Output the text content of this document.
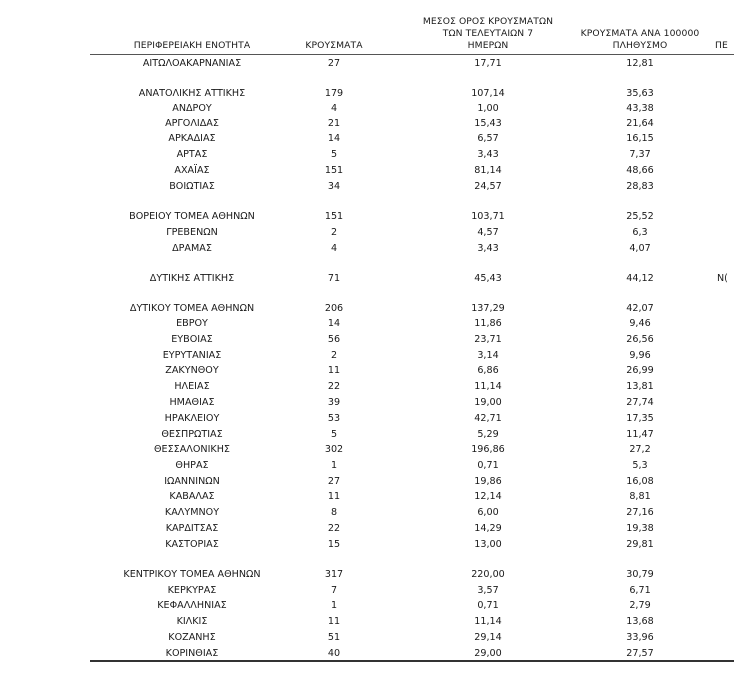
ΠΕΡΙΦΕΡΕΙΑΚΗ ΕΝΟΤΗΤΑ	ΚΡΟΥΣΜΑΤΑ
ΜΕΣΟΣ ΟΡΟΣ ΚΡΟΥΣΜΑΤΩΝ
ΤΩΝ ΤΕΛΕΥΤΑΙΩΝ 7
ΗΜΕΡΩΝ
ΚΡΟΥΣΜΑΤΑ ΑΝΑ 100000
ΠΛΗΘΥΣΜΟ	ΠΕ
ΑΙΤΩΛΟΑΚΑΡΝΑΝΙΑΣ	27	17,71	12,81
ΑΝΑΤΟΛΙΚΗΣ ΑΤΤΙΚΗΣ	179	107,14	35,63
ΑΝΔΡΟΥ	4	1,00	43,38
ΑΡΓΟΛΙΔΑΣ	21	15,43	21,64
ΑΡΚΑΔΙΑΣ	14	6,57	16,15
ΑΡΤΑΣ	5	3,43	7,37
ΑΧΑΪΑΣ	151	81,14	48,66
ΒΟΙΩΤΙΑΣ	34	24,57	28,83
ΒΟΡΕΙΟΥ ΤΟΜΕΑ ΑΘΗΝΩΝ	151	103,71	25,52
ΓΡΕΒΕΝΩΝ	2	4,57	6,3
ΔΡΑΜΑΣ	4	3,43	4,07
ΔΥΤΙΚΗΣ ΑΤΤΙΚΗΣ	71	45,43	44,12	Ν(
ΔΥΤΙΚΟΥ ΤΟΜΕΑ ΑΘΗΝΩΝ	206	137,29	42,07
ΕΒΡΟΥ	14	11,86	9,46
ΕΥΒΟΙΑΣ	56	23,71	26,56
ΕΥΡΥΤΑΝΙΑΣ	2	3,14	9,96
ΖΑΚΥΝΘΟΥ	11	6,86	26,99
ΗΛΕΙΑΣ	22	11,14	13,81
ΗΜΑΘΙΑΣ	39	19,00	27,74
ΗΡΑΚΛΕΙΟΥ	53	42,71	17,35
ΘΕΣΠΡΩΤΙΑΣ	5	5,29	11,47
ΘΕΣΣΑΛΟΝΙΚΗΣ	302	196,86	27,2
ΘΗΡΑΣ	1	0,71	5,3
ΙΩΑΝΝΙΝΩΝ	27	19,86	16,08
ΚΑΒΑΛΑΣ	11	12,14	8,81
ΚΑΛΥΜΝΟΥ	8	6,00	27,16
ΚΑΡΔΙΤΣΑΣ	22	14,29	19,38
ΚΑΣΤΟΡΙΑΣ	15	13,00	29,81
ΚΕΝΤΡΙΚΟΥ ΤΟΜΕΑ ΑΘΗΝΩΝ	317	220,00	30,79
ΚΕΡΚΥΡΑΣ	7	3,57	6,71
ΚΕΦΑΛΛΗΝΙΑΣ	1	0,71	2,79
ΚΙΛΚΙΣ	11	11,14	13,68
ΚΟΖΑΝΗΣ	51	29,14	33,96
ΚΟΡΙΝΘΙΑΣ	40	29,00	27,57
